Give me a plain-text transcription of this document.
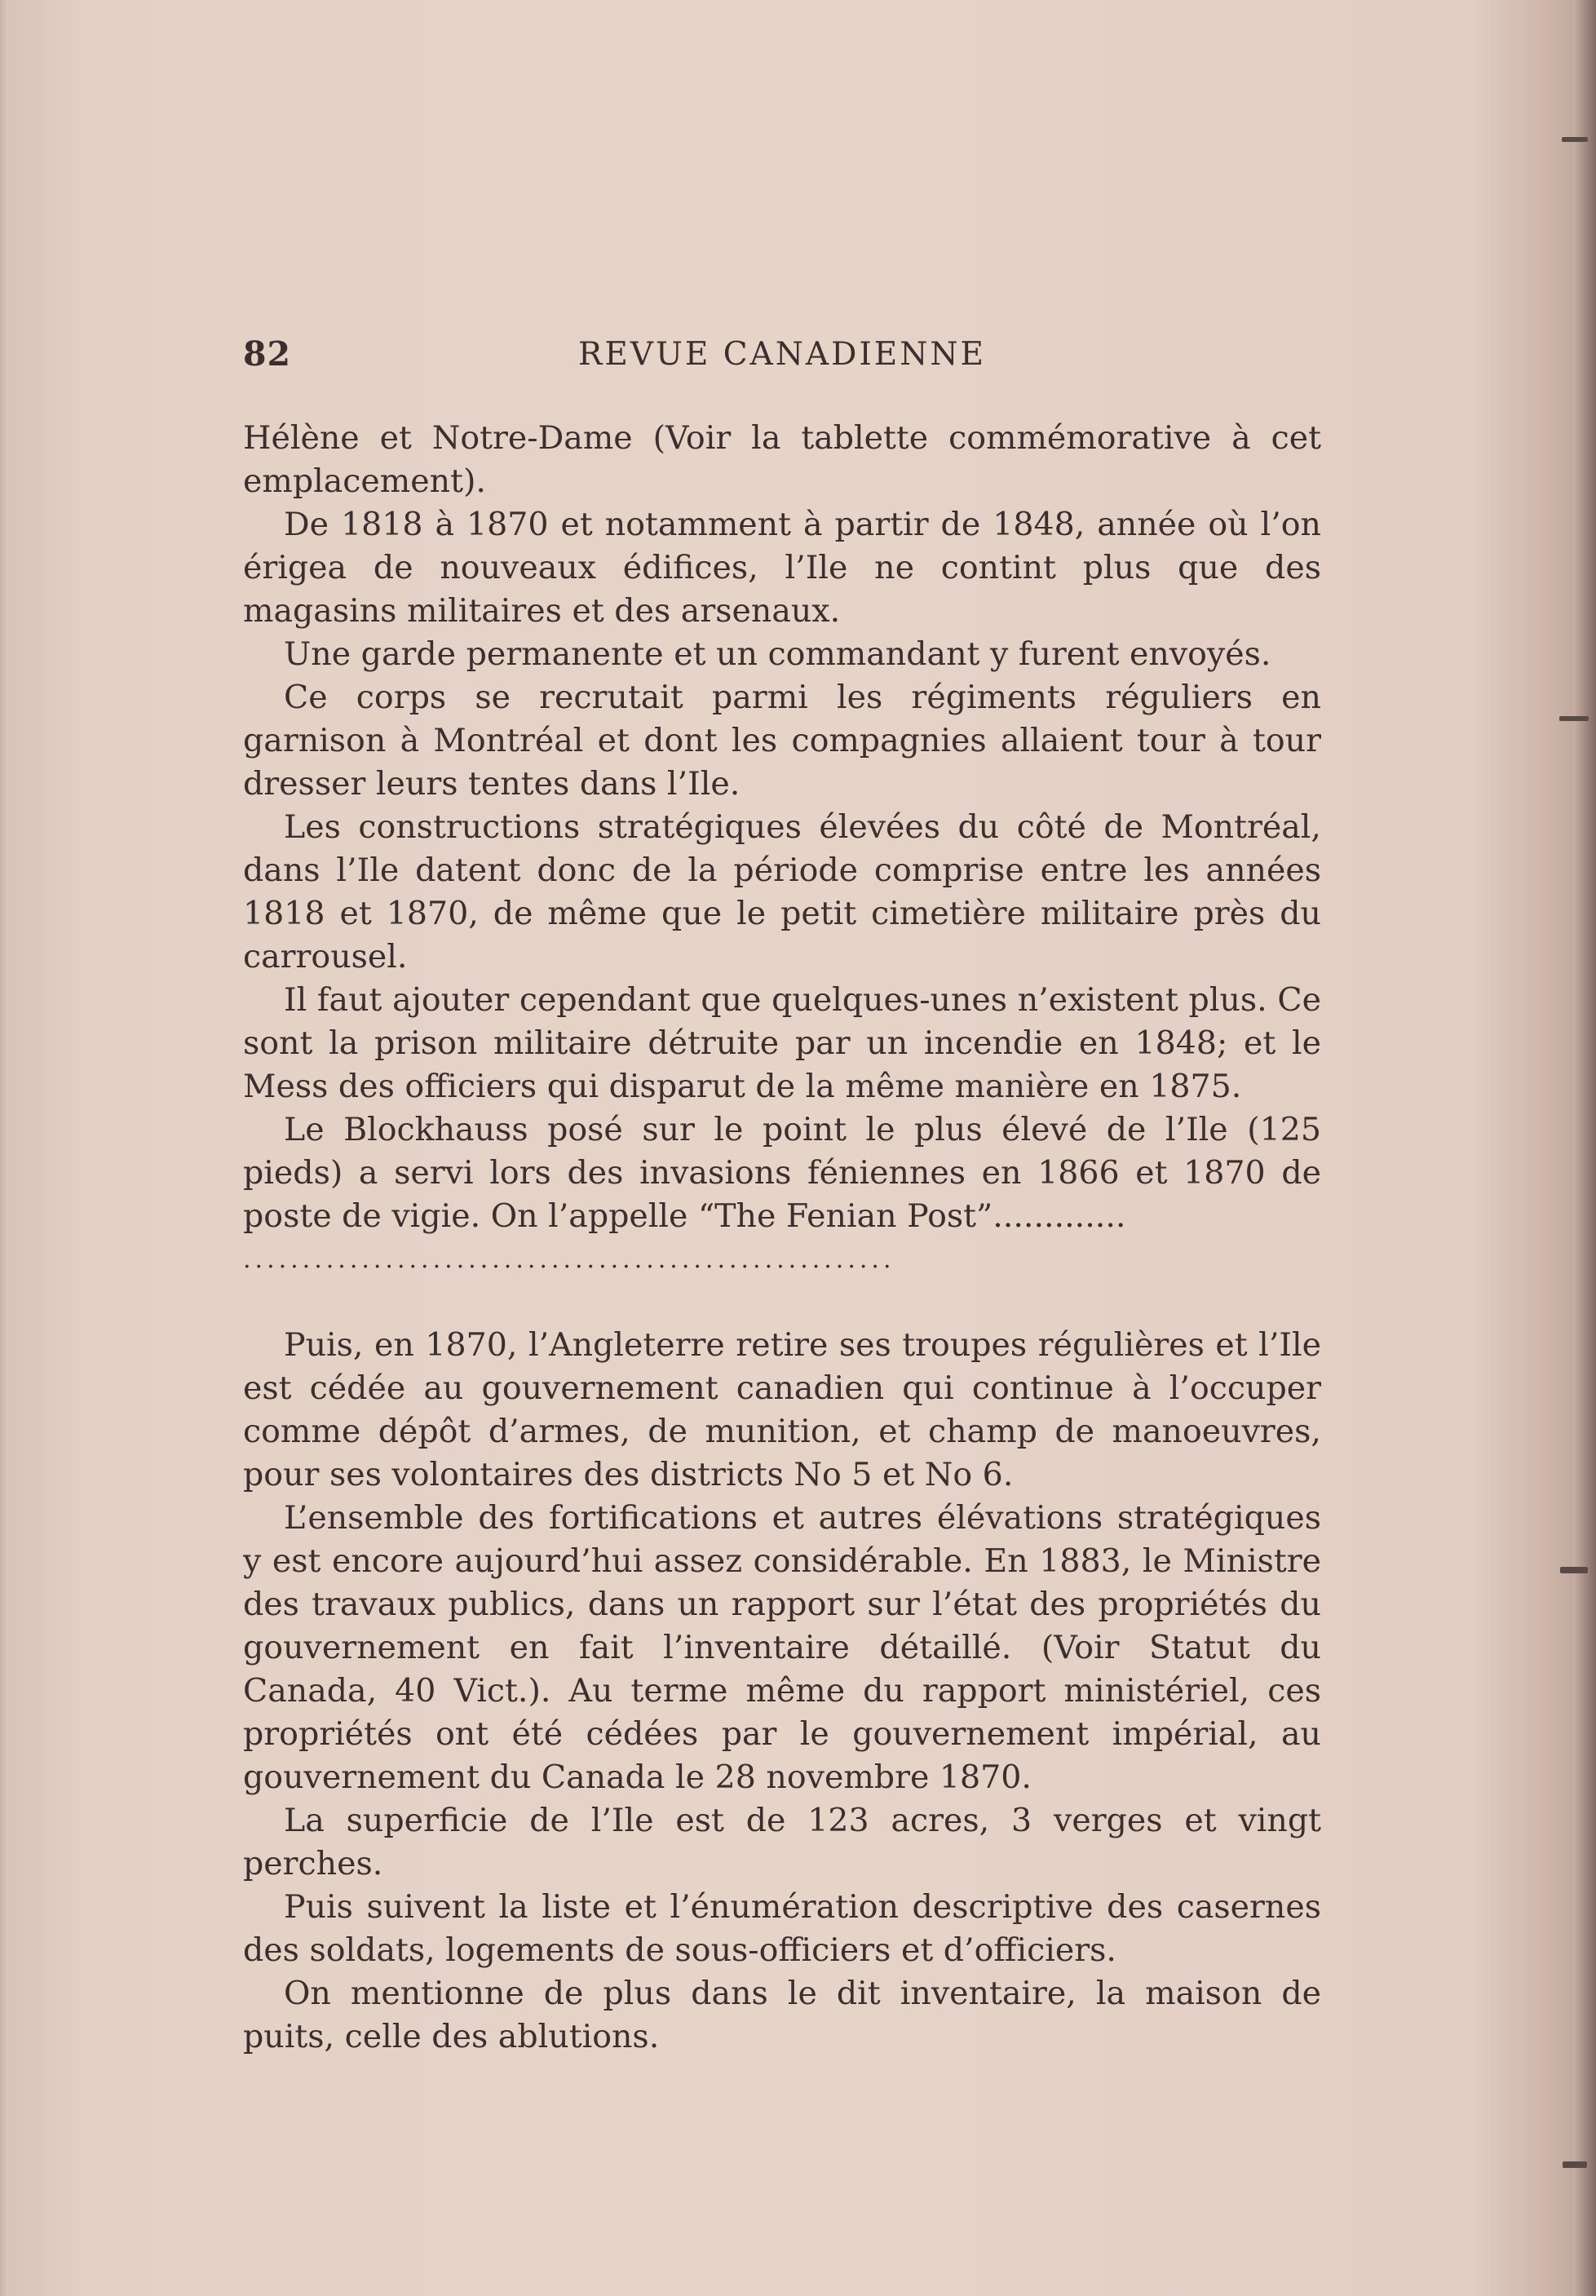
82	REVUE CANADIENNE

Hélène et Notre-Dame (Voir la tablette commémorative à cet emplacement).

De 1818 à 1870 et notamment à partir de 1848, année où l’on érigea de nouveaux édifices, l’Ile ne contint plus que des magasins militaires et des arsenaux.

Une garde permanente et un commandant y furent envoyés.

Ce corps se recrutait parmi les régiments réguliers en garnison à Montréal et dont les compagnies allaient tour à tour dresser leurs tentes dans l’Ile.

Les constructions stratégiques élevées du côté de Montréal, dans l’Ile datent donc de la période comprise entre les années 1818 et 1870, de même que le petit cimetière militaire près du carrousel.

Il faut ajouter cependant que quelques-unes n’existent plus. Ce sont la prison militaire détruite par un incendie en 1848; et le Mess des officiers qui disparut de la même manière en 1875.

Le Blockhauss posé sur le point le plus élevé de l’Ile (125 pieds) a servi lors des invasions féniennes en 1866 et 1870 de poste de vigie. On l’appelle “The Fenian Post”.............

.......................................................

Puis, en 1870, l’Angleterre retire ses troupes régulières et l’Ile est cédée au gouvernement canadien qui continue à l’occuper comme dépôt d’armes, de munition, et champ de manoeuvres, pour ses volontaires des districts No 5 et No 6.

L’ensemble des fortifications et autres élévations stratégiques y est encore aujourd’hui assez considérable. En 1883, le Ministre des travaux publics, dans un rapport sur l’état des propriétés du gouvernement en fait l’inventaire détaillé. (Voir Statut du Canada, 40 Vict.). Au terme même du rapport ministériel, ces propriétés ont été cédées par le gouvernement impérial, au gouvernement du Canada le 28 novembre 1870.

La superficie de l’Ile est de 123 acres, 3 verges et vingt perches.

Puis suivent la liste et l’énumération descriptive des casernes des soldats, logements de sous-officiers et d’officiers.

On mentionne de plus dans le dit inventaire, la maison de puits, celle des ablutions.
